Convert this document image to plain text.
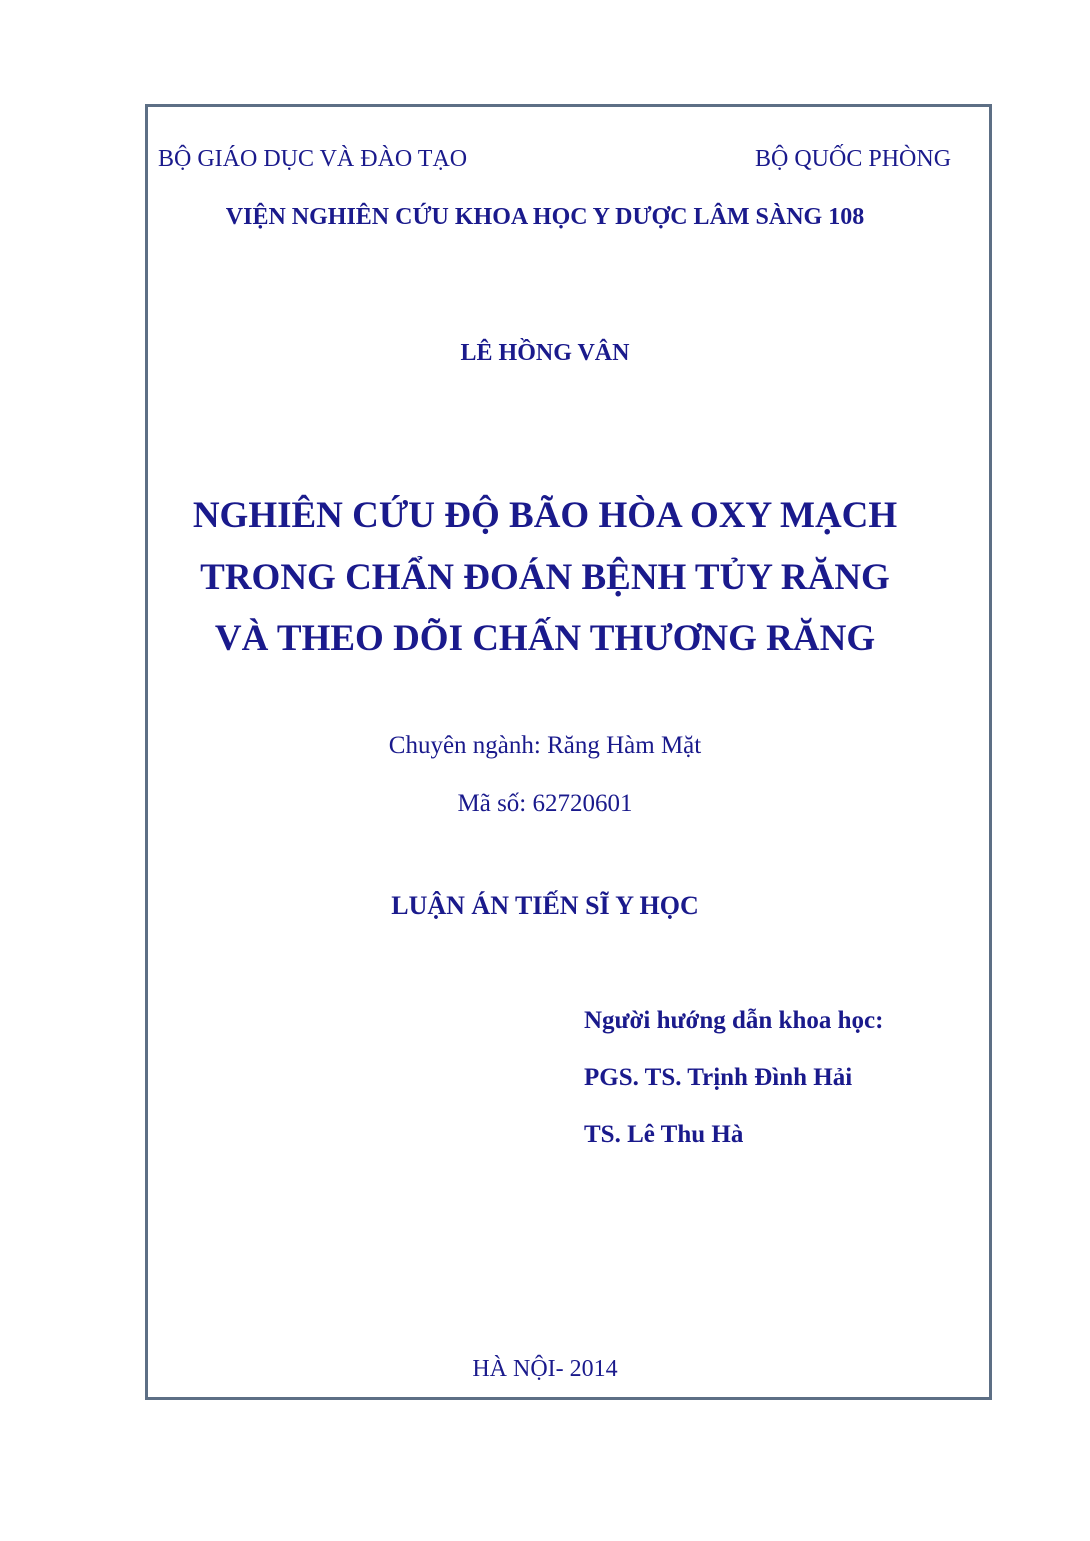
BỘ GIÁO DỤC VÀ ĐÀO TẠO	BỘ QUỐC PHÒNG
VIỆN NGHIÊN CỨU KHOA HỌC Y DƯỢC LÂM SÀNG 108
LÊ HỒNG VÂN
NGHIÊN CỨU ĐỘ BÃO HÒA OXY MẠCH
TRONG CHẨN ĐOÁN BỆNH TỦY RĂNG
VÀ THEO DÕI CHẤN THƯƠNG RĂNG
Chuyên ngành: Răng Hàm Mặt
Mã số: 62720601
LUẬN ÁN TIẾN SĨ Y HỌC
Người hướng dẫn khoa học:
PGS. TS. Trịnh Đình Hải
TS. Lê Thu Hà
HÀ NỘI- 2014
